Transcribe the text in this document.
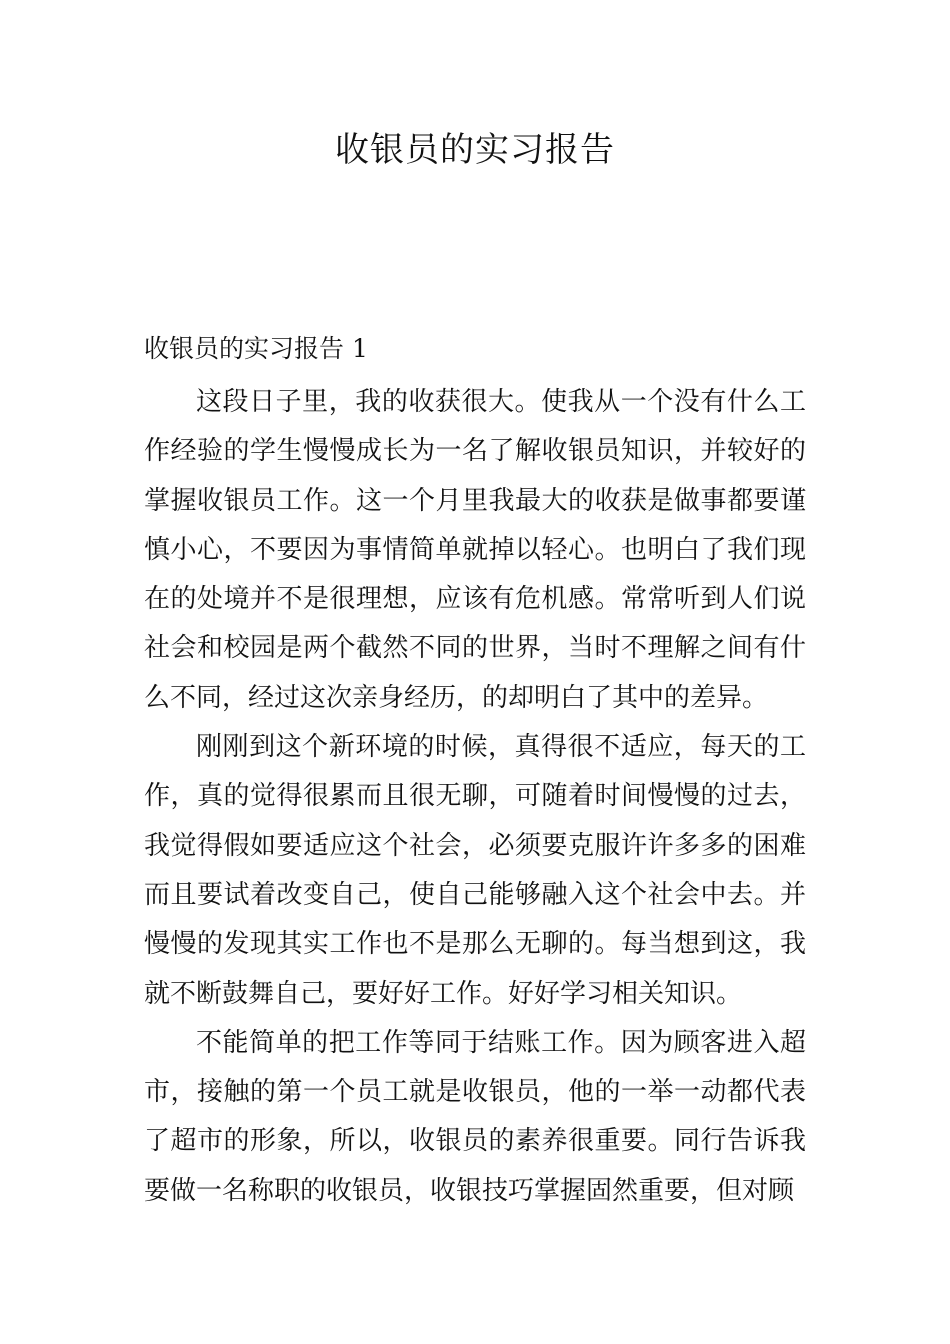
收银员的实习报告
收银员的实习报告 1

这段日子里，我的收获很大。使我从一个没有什么工作经验的学生慢慢成长为一名了解收银员知识，并较好的掌握收银员工作。这一个月里我最大的收获是做事都要谨慎小心，不要因为事情简单就掉以轻心。也明白了我们现在的处境并不是很理想，应该有危机感。常常听到人们说社会和校园是两个截然不同的世界，当时不理解之间有什么不同，经过这次亲身经历，的却明白了其中的差异。

刚刚到这个新环境的时候，真得很不适应，每天的工作，真的觉得很累而且很无聊，可随着时间慢慢的过去，我觉得假如要适应这个社会，必须要克服许许多多的困难而且要试着改变自己，使自己能够融入这个社会中去。并慢慢的发现其实工作也不是那么无聊的。每当想到这，我就不断鼓舞自己，要好好工作。好好学习相关知识。

不能简单的把工作等同于结账工作。因为顾客进入超市，接触的第一个员工就是收银员，他的一举一动都代表了超市的形象，所以，收银员的素养很重要。同行告诉我要做一名称职的收银员，收银技巧掌握固然重要，但对顾
